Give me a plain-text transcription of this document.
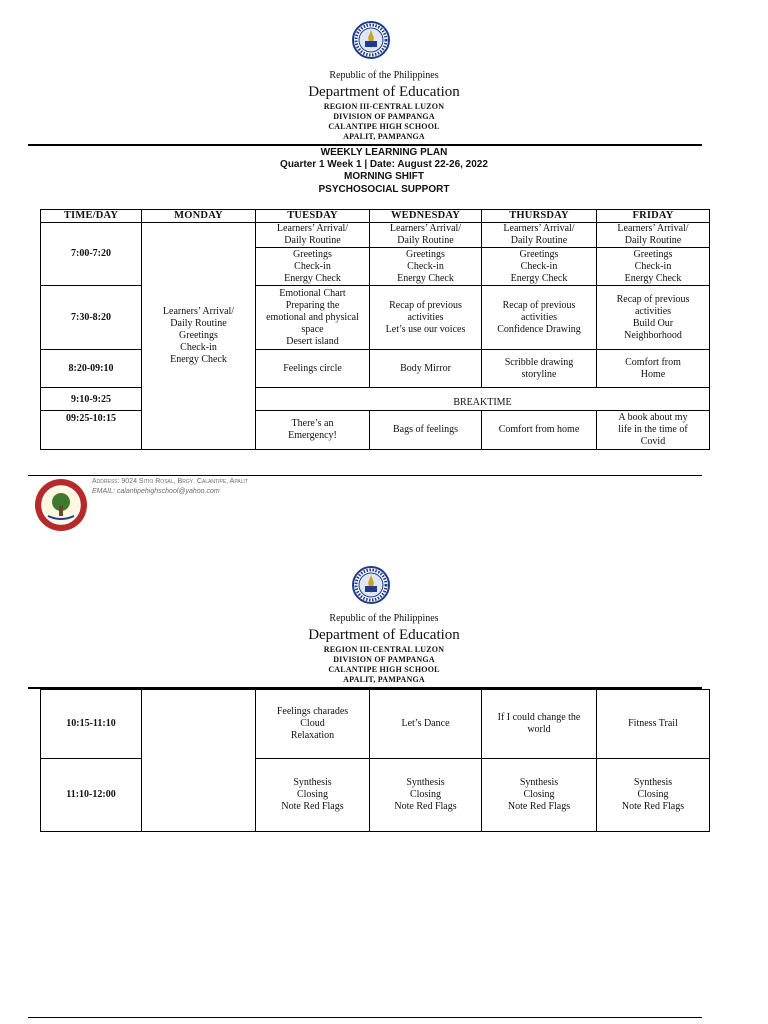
Republic of the Philippines
Department of Education
REGION III-CENTRAL LUZON
DIVISION OF PAMPANGA
CALANTIPE HIGH SCHOOL
APALIT, PAMPANGA
WEEKLY LEARNING PLAN
Quarter 1 Week 1 | Date: August 22-26, 2022
MORNING SHIFT
PSYCHOSOCIAL SUPPORT
TIME/DAY	MONDAY	TUESDAY	WEDNESDAY	THURSDAY	FRIDAY
7:00-7:20	Learners’ Arrival/
Daily Routine
Greetings
Check-in
Energy Check	Learners’ Arrival/
Daily Routine	Learners’ Arrival/
Daily Routine	Learners’ Arrival/
Daily Routine	Learners’ Arrival/
Daily Routine

		Greetings
Check-in
Energy Check	Greetings
Check-in
Energy Check	Greetings
Check-in
Energy Check	Greetings
Check-in
Energy Check

7:30-8:20		Emotional Chart
Preparing the
emotional and physical
space
Desert island	Recap of previous
activities
Let’s use our voices	Recap of previous
activities
Confidence Drawing	Recap of previous
activities
Build Our
Neighborhood

8:20-09:10		Feelings circle	Body Mirror	Scribble drawing
storyline	Comfort from
Home

9:10-9:25		BREAKTIME			

09:25-10:15		There’s an
Emergency!	Bags of feelings	Comfort from home	A book about my
life in the time of
Covid
Address: 9024 Sitio Rosal, Brgy. Calantipe, Apalit
EMAIL: calantipehighschool@yahoo.com
Republic of the Philippines
Department of Education
REGION III-CENTRAL LUZON
DIVISION OF PAMPANGA
CALANTIPE HIGH SCHOOL
APALIT, PAMPANGA
10:15-11:10		Feelings charades
Cloud
Relaxation	Let’s Dance	If I could change the
world	Fitness Trail

11:10-12:00		Synthesis
Closing
Note Red Flags	Synthesis
Closing
Note Red Flags	Synthesis
Closing
Note Red Flags	Synthesis
Closing
Note Red Flags
